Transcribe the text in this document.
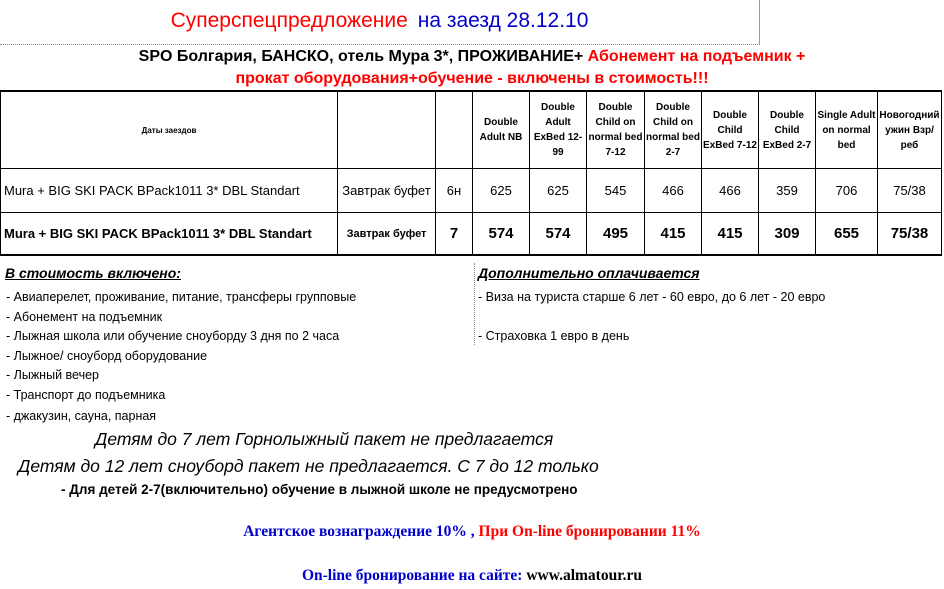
Суперспецпредложение на заезд 28.12.10
SPO Болгария, БАНСКО, отель Мура 3*, ПРОЖИВАНИЕ+ Абонемент на подъемник +
прокат оборудования+обучение - включены в стоимость!!!
Даты заездов			Double Adult NB	Double Adult ExBed 12-99	Double Child on normal bed 7-12	Double Child on normal bed 2-7	Double Child ExBed 7-12	Double Child ExBed 2-7	Single Adult on normal bed	Новогодний ужин Взр/реб
Mura + BIG SKI PACK BPack1011 3* DBL Standart	Завтрак буфет	6н	625	625	545	466	466	359	706	75/38
Mura + BIG SKI PACK BPack1011 3* DBL Standart	Завтрак буфет	7	574	574	495	415	415	309	655	75/38
В стоимость включено:	Дополнительно оплачивается
- Авиаперелет, проживание, питание, трансферы групповые
- Абонемент на подъемник
- Лыжная школа или обучение сноуборду 3 дня по 2 часа
- Лыжное/ сноуборд оборудование
- Лыжный вечер
- Транспорт до подъемника
- джакузин, сауна, парная
- Виза на туриста старше 6 лет - 60 евро, до 6 лет - 20 евро
- Страховка 1 евро в день
Детям до 7 лет Горнолыжный пакет не предлагается
Детям до 12 лет сноуборд пакет не предлагается. С 7 до 12 только
- Для детей 2-7(включительно) обучение в лыжной школе не предусмотрено
Агентское вознаграждение 10% , При On-line бронировании 11%
On-line бронирование на сайте: www.almatour.ru
